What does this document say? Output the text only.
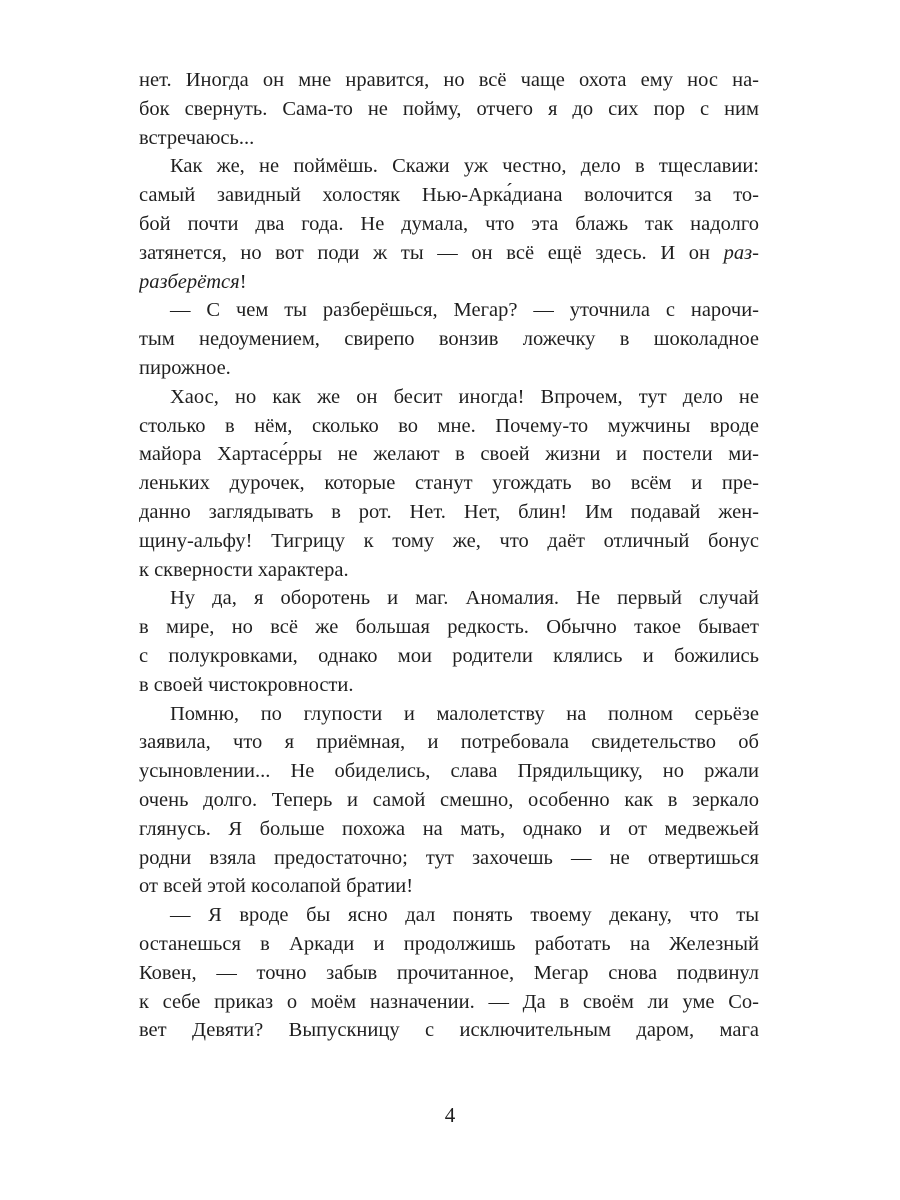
нет. Иногда он мне нравится, но всё чаще охота ему нос на-
бок свернуть. Сама-то не пойму, отчего я до сих пор с ним
встречаюсь...
Как же, не поймёшь. Скажи уж честно, дело в тщеславии:
самый завидный холостяк Нью-Арка́диана волочится за то-
бой почти два года. Не думала, что эта блажь так надолго
затянется, но вот поди ж ты — он всё ещё здесь. И он раз-
разберётся!
— С чем ты разберёшься, Мегар? — уточнила с нарочи-
тым недоумением, свирепо вонзив ложечку в шоколадное
пирожное.
Хаос, но как же он бесит иногда! Впрочем, тут дело не
столько в нём, сколько во мне. Почему-то мужчины вроде
майора Хартасе́рры не желают в своей жизни и постели ми-
леньких дурочек, которые станут угождать во всём и пре-
данно заглядывать в рот. Нет. Нет, блин! Им подавай жен-
щину-альфу! Тигрицу к тому же, что даёт отличный бонус
к скверности характера.
Ну да, я оборотень и маг. Аномалия. Не первый случай
в мире, но всё же большая редкость. Обычно такое бывает
с полукровками, однако мои родители клялись и божились
в своей чистокровности.
Помню, по глупости и малолетству на полном серьёзе
заявила, что я приёмная, и потребовала свидетельство об
усыновлении... Не обиделись, слава Прядильщику, но ржали
очень долго. Теперь и самой смешно, особенно как в зеркало
глянусь. Я больше похожа на мать, однако и от медвежьей
родни взяла предостаточно; тут захочешь — не отвертишься
от всей этой косолапой братии!
— Я вроде бы ясно дал понять твоему декану, что ты
останешься в Аркади и продолжишь работать на Железный
Ковен, — точно забыв прочитанное, Мегар снова подвинул
к себе приказ о моём назначении. — Да в своём ли уме Со-
вет Девяти? Выпускницу с исключительным даром, мага
4
